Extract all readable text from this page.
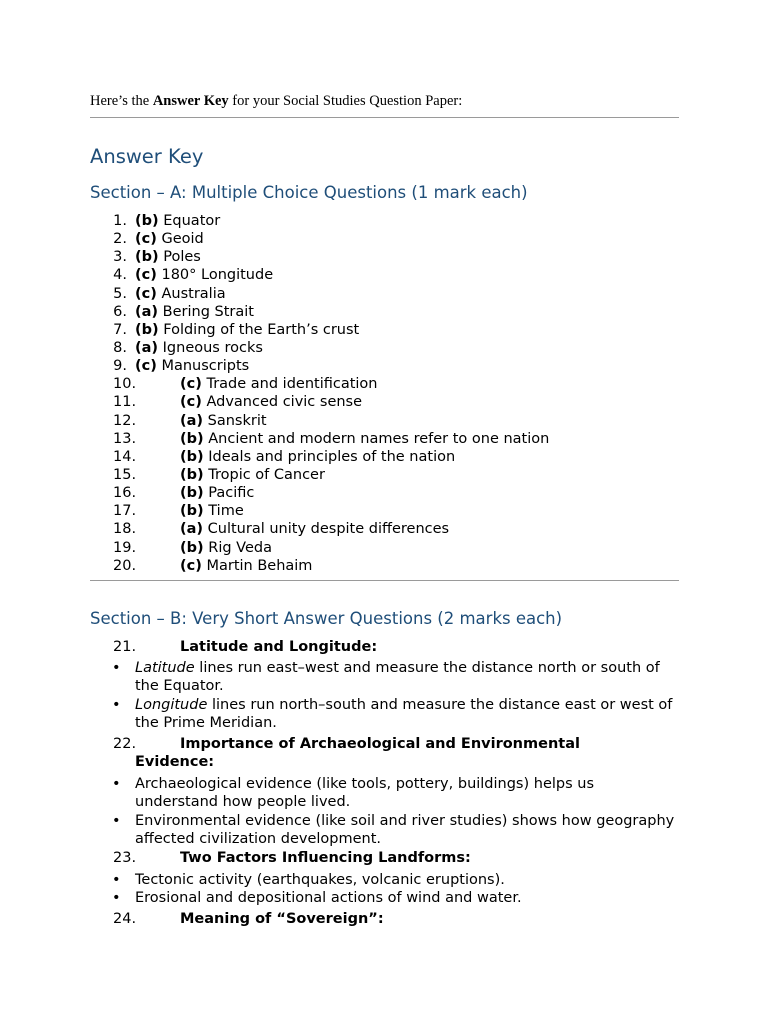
Here’s the Answer Key for your Social Studies Question Paper:
Answer Key
Section – A: Multiple Choice Questions (1 mark each)
1. (b) Equator
2. (c) Geoid
3. (b) Poles
4. (c) 180° Longitude
5. (c) Australia
6. (a) Bering Strait
7. (b) Folding of the Earth’s crust
8. (a) Igneous rocks
9. (c) Manuscripts
10.	(c) Trade and identification
11.	(c) Advanced civic sense
12.	(a) Sanskrit
13.	(b) Ancient and modern names refer to one nation
14.	(b) Ideals and principles of the nation
15.	(b) Tropic of Cancer
16.	(b) Pacific
17.	(b) Time
18.	(a) Cultural unity despite differences
19.	(b) Rig Veda
20.	(c) Martin Behaim
Section – B: Very Short Answer Questions (2 marks each)
21.	Latitude and Longitude:
• Latitude lines run east–west and measure the distance north or south of the Equator.
• Longitude lines run north–south and measure the distance east or west of the Prime Meridian.
22.	Importance of Archaeological and Environmental
Evidence:
• Archaeological evidence (like tools, pottery, buildings) helps us understand how people lived.
• Environmental evidence (like soil and river studies) shows how geography affected civilization development.
23.	Two Factors Influencing Landforms:
• Tectonic activity (earthquakes, volcanic eruptions).
• Erosional and depositional actions of wind and water.
24.	Meaning of “Sovereign”:
